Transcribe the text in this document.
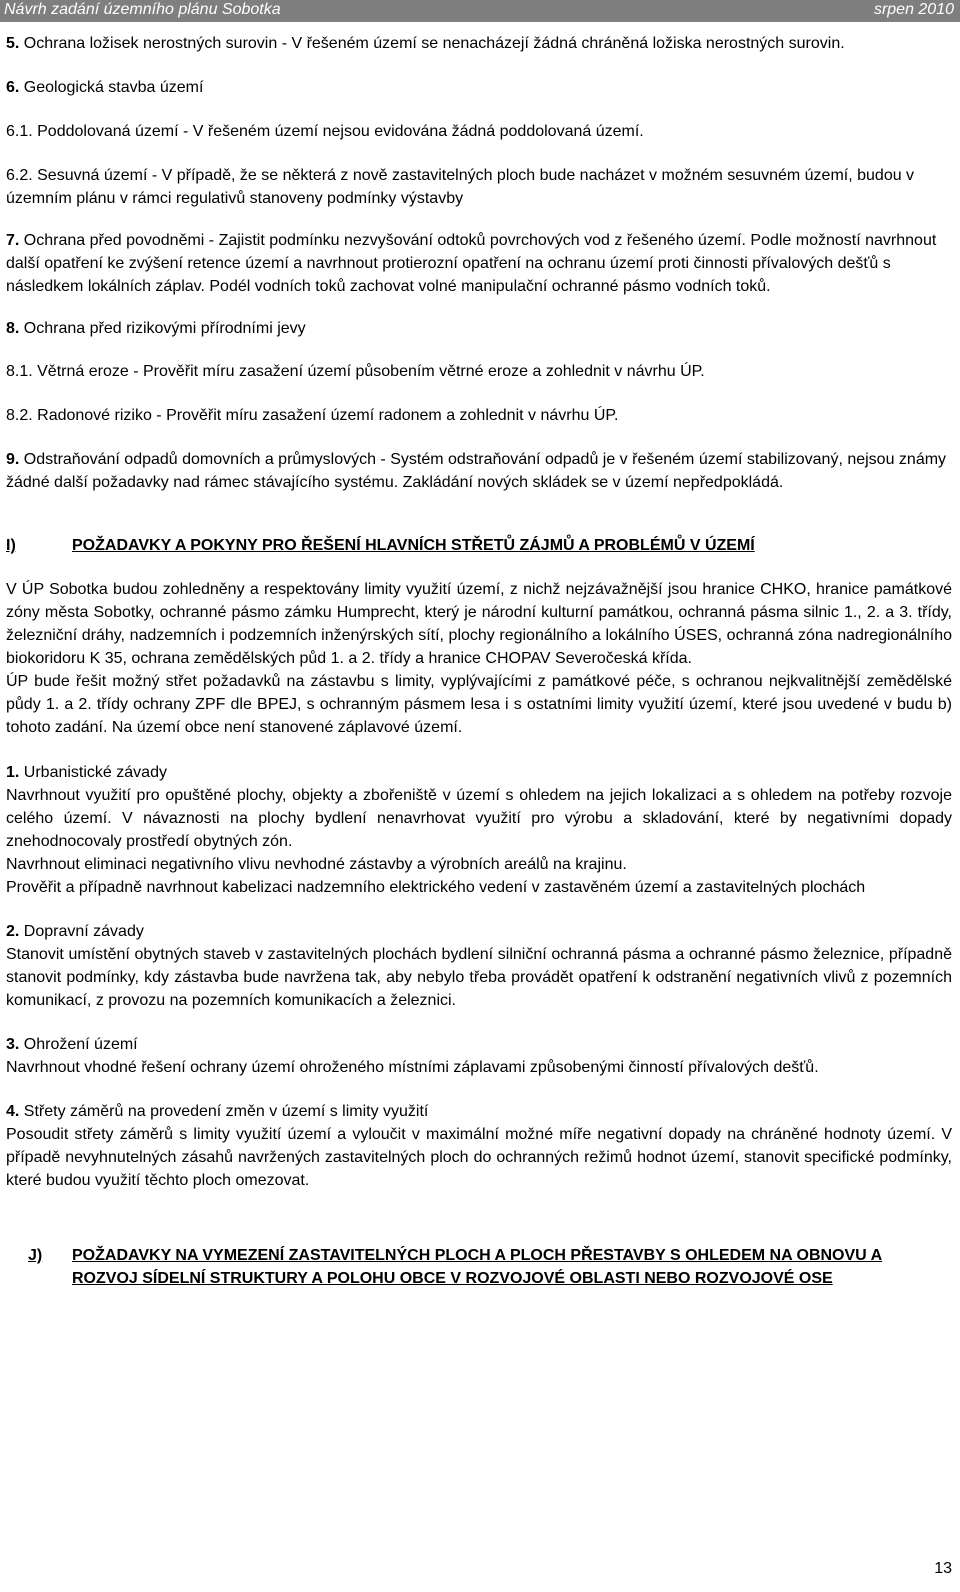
Návrh zadání územního plánu Sobotka	srpen 2010

5. Ochrana ložisek nerostných surovin - V řešeném území se nenacházejí žádná chráněná ložiska nerostných surovin.

6. Geologická stavba území

6.1. Poddolovaná území - V řešeném území nejsou evidována žádná poddolovaná území.

6.2. Sesuvná území - V případě, že se některá z nově zastavitelných ploch bude nacházet v možném sesuvném území, budou v územním plánu v rámci regulativů stanoveny podmínky výstavby

7. Ochrana před povodněmi - Zajistit podmínku nezvyšování odtoků povrchových vod z řešeného území. Podle možností navrhnout další opatření ke zvýšení retence území a navrhnout protierozní opatření na ochranu území proti činnosti přívalových dešťů s následkem lokálních záplav. Podél vodních toků zachovat volné manipulační ochranné pásmo vodních toků.

8. Ochrana před rizikovými přírodními jevy

8.1. Větrná eroze - Prověřit míru zasažení území působením větrné eroze a zohlednit v návrhu ÚP.

8.2. Radonové riziko - Prověřit míru zasažení území radonem a zohlednit v návrhu ÚP.

9. Odstraňování odpadů domovních a průmyslových - Systém odstraňování odpadů je v řešeném území stabilizovaný, nejsou známy žádné další požadavky nad rámec stávajícího systému. Zakládání nových skládek se v území nepředpokládá.

I)	POŽADAVKY A POKYNY PRO ŘEŠENÍ HLAVNÍCH STŘETŮ ZÁJMŮ A PROBLÉMŮ V ÚZEMÍ

V ÚP Sobotka budou zohledněny a respektovány limity využití území, z nichž nejzávažnější jsou hranice CHKO, hranice památkové zóny města Sobotky, ochranné pásmo zámku Humprecht, který je národní kulturní památkou, ochranná pásma silnic 1., 2. a 3. třídy, železniční dráhy, nadzemních i podzemních inženýrských sítí, plochy regionálního a lokálního ÚSES, ochranná zóna nadregionálního biokoridoru K 35, ochrana zemědělských půd 1. a 2. třídy a hranice CHOPAV Severočeská křída.

ÚP bude řešit možný střet požadavků na zástavbu s limity, vyplývajícími z památkové péče, s ochranou nejkvalitnější zemědělské půdy 1. a 2. třídy ochrany ZPF dle BPEJ, s ochranným pásmem lesa i s ostatními limity využití území, které jsou uvedené v budu b) tohoto zadání. Na území obce není stanovené záplavové území.

1. Urbanistické závady

Navrhnout využití pro opuštěné plochy, objekty a zbořeniště v území s ohledem na jejich lokalizaci a s ohledem na potřeby rozvoje celého území. V návaznosti na plochy bydlení nenavrhovat využití pro výrobu a skladování, které by negativními dopady znehodnocovaly prostředí obytných zón.

Navrhnout eliminaci negativního vlivu nevhodné zástavby a výrobních areálů na krajinu.

Prověřit a případně navrhnout kabelizaci nadzemního elektrického vedení v zastavěném území a zastavitelných plochách

2. Dopravní závady

Stanovit umístění obytných staveb v zastavitelných plochách bydlení silniční ochranná pásma a ochranné pásmo železnice, případně stanovit podmínky, kdy zástavba bude navržena tak, aby nebylo třeba provádět opatření k odstranění negativních vlivů z pozemních komunikací, z provozu na pozemních komunikacích a železnici.

3. Ohrožení území

Navrhnout vhodné řešení ochrany území ohroženého místními záplavami způsobenými činností přívalových dešťů.

4. Střety záměrů na provedení změn v území s limity využití

Posoudit střety záměrů s limity využití území a vyloučit v maximální možné míře negativní dopady na chráněné hodnoty území. V případě nevyhnutelných zásahů navržených zastavitelných ploch do ochranných režimů hodnot území, stanovit specifické podmínky, které budou využití těchto ploch omezovat.

J)	POŽADAVKY NA VYMEZENÍ ZASTAVITELNÝCH PLOCH A PLOCH PŘESTAVBY S OHLEDEM NA OBNOVU A ROZVOJ SÍDELNÍ STRUKTURY A POLOHU OBCE V ROZVOJOVÉ OBLASTI NEBO ROZVOJOVÉ OSE
13
